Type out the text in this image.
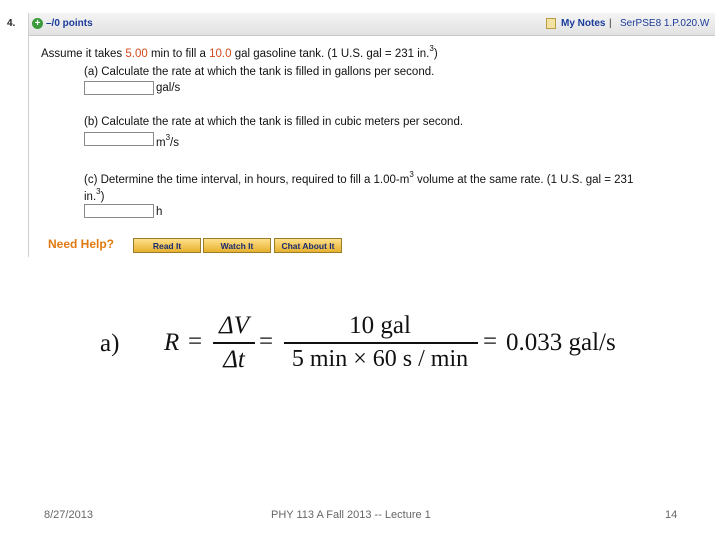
4. + –/0 points	My Notes | SerPSE8 1.P.020.W
Assume it takes 5.00 min to fill a 10.0 gal gasoline tank. (1 U.S. gal = 231 in.$^3$)
(a) Calculate the rate at which the tank is filled in gallons per second.
gal/s
(b) Calculate the rate at which the tank is filled in cubic meters per second.
$m^3/s$
(c) Determine the time interval, in hours, required to fill a $1.00-m^3$ volume at the same rate. (1 U.S. gal = 231
in.$^3$)
h
Need Help?	Read It	Watch It	Chat About It
a) R =
ΔV
Δt
=
10 gal
5 min × 60 s / min
= 0.033 gal/s
8/27/2013	PHY 113 A Fall 2013 -- Lecture 1	14
